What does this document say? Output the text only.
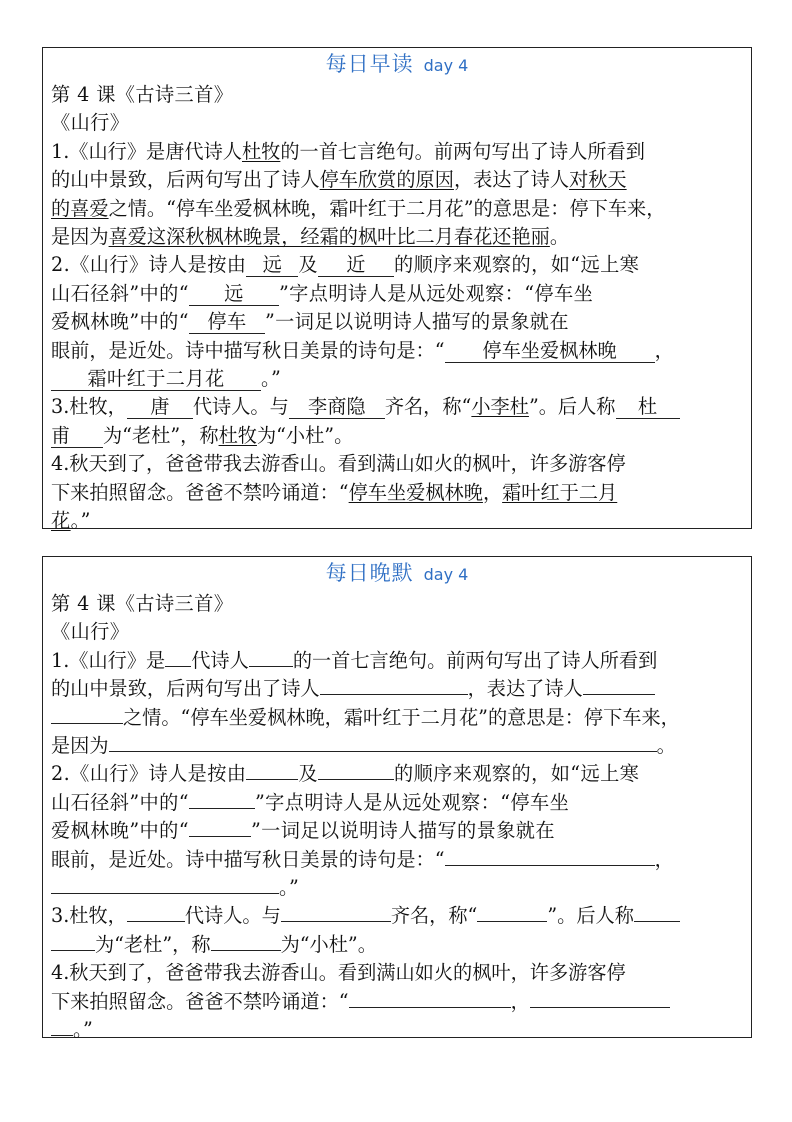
每日早读 day 4
第 4 课《古诗三首》
《山行》
1.《山行》是唐代诗人杜牧的一首七言绝句。前两句写出了诗人所看到
的山中景致，后两句写出了诗人停车欣赏的原因，表达了诗人对秋天
的喜爱之情。“停车坐爱枫林晚，霜叶红于二月花”的意思是：停下车来，
是因为喜爱这深秋枫林晚景，经霜的枫叶比二月春花还艳丽。
2.《山行》诗人是按由 远 及 近 的顺序来观察的，如“远上寒
山石径斜”中的“ 远 ”字点明诗人是从远处观察：“停车坐
爱枫林晚”中的“ 停车 ”一词足以说明诗人描写的景象就在
眼前，是近处。诗中描写秋日美景的诗句是：“ 停车坐爱枫林晚 ，
霜叶红于二月花 。”
3.杜牧， 唐 代诗人。与 李商隐 齐名，称“小李杜”。后人称 杜
甫 为“老杜”，称杜牧为“小杜”。
4.秋天到了，爸爸带我去游香山。看到满山如火的枫叶，许多游客停
下来拍照留念。爸爸不禁吟诵道：“停车坐爱枫林晚，霜叶红于二月
花。”
每日晚默 day 4
第 4 课《古诗三首》
《山行》
1.《山行》是 代诗人 的一首七言绝句。前两句写出了诗人所看到
的山中景致，后两句写出了诗人	，表达了诗人
之情。“停车坐爱枫林晚，霜叶红于二月花”的意思是：停下车来，
是因为	。
2.《山行》诗人是按由	及	的顺序来观察的，如“远上寒
山石径斜”中的“	”字点明诗人是从远处观察：“停车坐
爱枫林晚”中的“	”一词足以说明诗人描写的景象就在
眼前，是近处。诗中描写秋日美景的诗句是：“	，
。”
3.杜牧，	代诗人。与	齐名，称“	”。后人称
为“老杜”，称	为“小杜”。
4.秋天到了，爸爸带我去游香山。看到满山如火的枫叶，许多游客停
下来拍照留念。爸爸不禁吟诵道：“	，
。”
